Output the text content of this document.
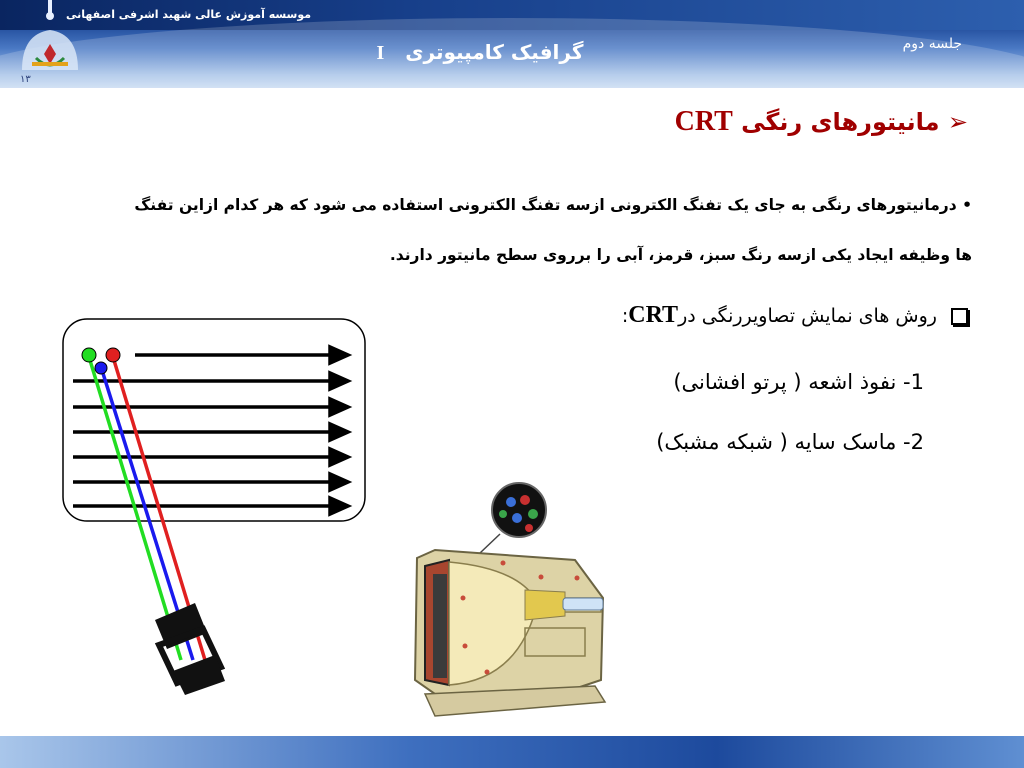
۱۳
موسسه آموزش عالی شهید اشرفی اصفهانی
گرافیک کامپیوتری   I	جلسه دوم
➢ مانیتورهای رنگی CRT
• درمانیتورهای رنگی به جای یک تفنگ الکترونی ازسه تفنگ الکترونی استفاده می شود که هر کدام ازاین تفنگ
ها وظیفه ایجاد یکی ازسه رنگ سبز، قرمز، آبی را برروی سطح مانیتور دارند.
روش های نمایش تصاویررنگی درCRT:
1- نفوذ اشعه ( پرتو افشانی)
2- ماسک سایه ( شبکه مشبک)
